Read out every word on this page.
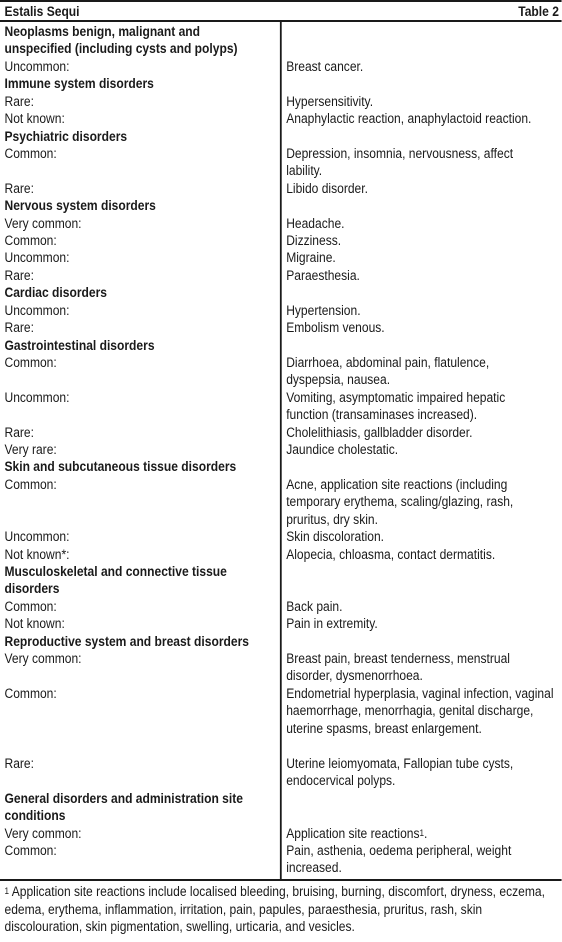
Estalis Sequi	Table 2
Neoplasms benign, malignant and unspecified (including cysts and polyps)
Uncommon:	Breast cancer.
Immune system disorders
Rare:	Hypersensitivity.
Not known:	Anaphylactic reaction, anaphylactoid reaction.
Psychiatric disorders
Common:	Depression, insomnia, nervousness, affect lability.
Rare:	Libido disorder.
Nervous system disorders
Very common:	Headache.
Common:	Dizziness.
Uncommon:	Migraine.
Rare:	Paraesthesia.
Cardiac disorders
Uncommon:	Hypertension.
Rare:	Embolism venous.
Gastrointestinal disorders
Common:	Diarrhoea, abdominal pain, flatulence, dyspepsia, nausea.
Uncommon:	Vomiting, asymptomatic impaired hepatic function (transaminases increased).
Rare:	Cholelithiasis, gallbladder disorder.
Very rare:	Jaundice cholestatic.
Skin and subcutaneous tissue disorders
Common:	Acne, application site reactions (including temporary erythema, scaling/glazing, rash, pruritus, dry skin.
Uncommon:	Skin discoloration.
Not known*:	Alopecia, chloasma, contact dermatitis.
Musculoskeletal and connective tissue disorders
Common:	Back pain.
Not known:	Pain in extremity.
Reproductive system and breast disorders
Very common:	Breast pain, breast tenderness, menstrual disorder, dysmenorrhoea.
Common:	Endometrial hyperplasia, vaginal infection, vaginal haemorrhage, menorrhagia, genital discharge, uterine spasms, breast enlargement.
Rare:	Uterine leiomyomata, Fallopian tube cysts, endocervical polyps.
General disorders and administration site conditions
Very common:	Application site reactions$^1$.
Common:	Pain, asthenia, oedema peripheral, weight increased.
$^1$ Application site reactions include localised bleeding, bruising, burning, discomfort, dryness, eczema, edema, erythema, inflammation, irritation, pain, papules, paraesthesia, pruritus, rash, skin discolouration, skin pigmentation, swelling, urticaria, and vesicles.
